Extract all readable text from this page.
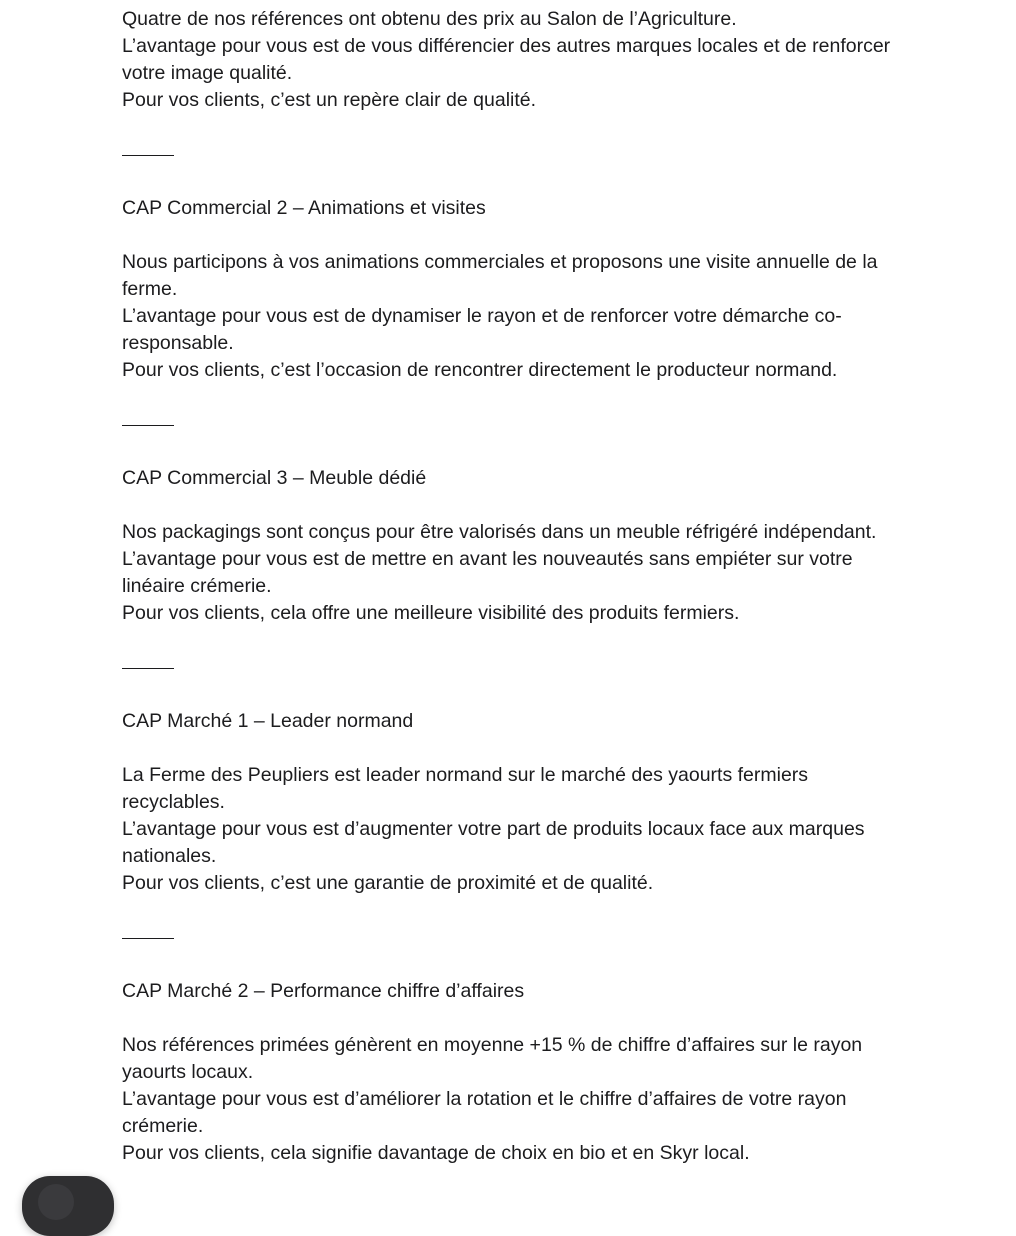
Quatre de nos références ont obtenu des prix au Salon de l’Agriculture.
L’avantage pour vous est de vous différencier des autres marques locales et de renforcer votre image qualité.
Pour vos clients, c’est un repère clair de qualité.
CAP Commercial 2 – Animations et visites
Nous participons à vos animations commerciales et proposons une visite annuelle de la ferme.
L’avantage pour vous est de dynamiser le rayon et de renforcer votre démarche co-responsable.
Pour vos clients, c’est l’occasion de rencontrer directement le producteur normand.
CAP Commercial 3 – Meuble dédié
Nos packagings sont conçus pour être valorisés dans un meuble réfrigéré indépendant.
L’avantage pour vous est de mettre en avant les nouveautés sans empiéter sur votre linéaire crémerie.
Pour vos clients, cela offre une meilleure visibilité des produits fermiers.
CAP Marché 1 – Leader normand
La Ferme des Peupliers est leader normand sur le marché des yaourts fermiers recyclables.
L’avantage pour vous est d’augmenter votre part de produits locaux face aux marques nationales.
Pour vos clients, c’est une garantie de proximité et de qualité.
CAP Marché 2 – Performance chiffre d’affaires
Nos références primées génèrent en moyenne +15 % de chiffre d’affaires sur le rayon yaourts locaux.
L’avantage pour vous est d’améliorer la rotation et le chiffre d’affaires de votre rayon crémerie.
Pour vos clients, cela signifie davantage de choix en bio et en Skyr local.
